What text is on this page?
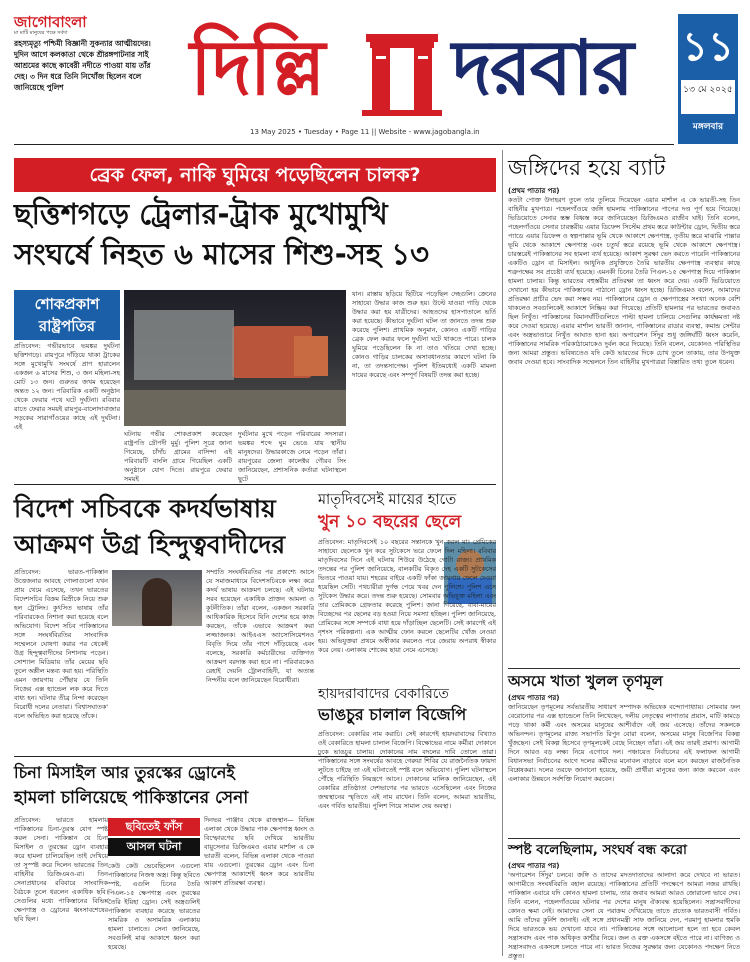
জাগোবাংলা
মা মাটি মানুষের পক্ষে সর্বদা
রহস্যমৃত্যু পশ্চিমী বিজ্ঞানী সুকন্যার আত্মীয়দের। দুদিন আগে কলকাতা থেকে শ্রীরঙ্গপাটনার সাই আশ্রমের কাছে কাবেরী নদীতে পাওয়া যায় তাঁর দেহ। ৩ দিন ধরে তিনি নিখোঁজ ছিলেন বলে জানিয়েছে পুলিশ	দিল্লি দরবার
13 May 2025 • Tuesday • Page 11 || Website - www.jagobangla.in
১১
১৩ মে ২০২৫
মঙ্গলবার
ব্রেক ফেল, নাকি ঘুমিয়ে পড়েছিলেন চালক?
ছত্তিশগড়ে ট্রেলার-ট্রাক মুখোমুখি
সংঘর্ষে নিহত ৬ মাসের শিশু-সহ ১৩
শোকপ্রকাশ রাষ্ট্রপতির
প্রতিবেদন: গভীরভাবে ভয়ঙ্কর দুর্ঘটনা ছত্তিশগড়ে। রায়পুরে দাঁড়িয়ে থাকা ট্রাকের সঙ্গে মুখোমুখি সংঘর্ষে প্রাণ হারালেন একজন ৬ মাসের শিশু, ৩ জন মহিলা-সহ মোট ১৩ জন। গুরুতর জখম হয়েছেন অন্তত ১২ জন। পরিবারিক একটি অনুষ্ঠান থেকে ফেরার পথে ঘটে দুর্ঘটনা। রবিবার রাতে ফেরার সময়ই রায়পুর-বালোদাবাজার সড়কের সারাগাঁওয়ের কাছে এই দুর্ঘটনা। এই
ঘটনায় গভীর শোকপ্রকাশ করেছেন রাষ্ট্রপতি দ্রৌপদী মুর্মু। পুলিশ সূত্রে জানা গিয়েছে, চাঁদাঁচ গ্রামের বাসিন্দা এই পরিবারটি বাংলি গ্রামে গিয়েছিল একটি অনুষ্ঠানে যোগ দিতে। রায়পুরে ফেরার সময়ই
দুর্ঘটনার মুখে পড়েন পরিবারের সদস্যরা। ভয়ঙ্কর শব্দে ঘুম ভেঙে যায় স্থানীয় মানুষদের। উদ্ধারকাজে নেমে পড়েন তাঁরা। রায়পুরের জেলা কালেক্টর গৌরব সিং জানিয়েছেন, প্রশাসনিক কর্তারা ঘটনাস্থলে ছুটে
যান। রাস্তায় ছড়িয়ে ছিটিয়ে পড়েছিল দেহগুলি। ক্রেনের সাহায্যে উদ্ধার কাজ শুরু হয়। উল্টে যাওয়া গাড়ি থেকে উদ্ধার করা হয় যাত্রীদের। আহতদের হাসপাতালে ভর্তি করা হয়েছে। কীভাবে দুর্ঘটনা ঘটল তা জানতে তদন্ত শুরু করেছে পুলিশ। প্রাথমিক অনুমান, কোনও একটি গাড়ির ব্রেক ফেল করার ফলে দুর্ঘটনা ঘটে থাকতে পারে। চালক ঘুমিয়ে পড়েছিলেন কি না তাও খতিয়ে দেখা হচ্ছে। কোনও গাড়ির চালকের অসাবধানতার কারণে ঘটনা কি না, তা তদন্তসাপেক্ষ। পুলিশ ইতিমধ্যেই একটি মামলা দায়ের করেছে এবং সম্পূর্ণ বিষয়টি তদন্ত করা হচ্ছে।
বিদেশ সচিবকে কদর্যভাষায়
আক্রমণ উগ্র হিন্দুত্ববাদীদের
প্রতিবেদন: ভারত-পাকিস্তান উত্তেজনার আবহে গোলাগুলো যখন প্রায় থেমে এসেছে, তখন ভারতের বিদেশসচিব বিক্রম মিস্রীকে নিয়ে শুরু হল ট্রোলিং। কুৎসিত ভাষায় তাঁর পরিবারকেও নিশানা করা হয়েছে বলে অভিযোগ। বিদেশ সচিব পাকিস্তানের সঙ্গে সংঘর্ষবিরতির সাংবাদিক সম্মেলনে ঘোষণা করার পর থেকেই উগ্র হিন্দুত্ববাদীদের নিশানায় পড়েন। সোশ্যাল মিডিয়ায় তাঁর মেয়ের ছবি তুলে অশ্লীল মন্তব্য করা হয়। পরিস্থিতি এমন জায়গায় পৌঁছায় যে তিনি নিজের এক্স হ্যান্ডেল লক করে দিতে বাধ্য হন। ঘটনার তীব্র নিন্দা করেছেন বিরোধী দলের নেতারা। 'বিশ্বাসঘাতক' বলে অভিহিত করা হয়েছে তাঁকে।
সম্প্রতি সংঘর্ষবিরতির পর প্রকাশ্যে আসে যে সমাজমাধ্যমে বিদেশসচিবকে লক্ষ্য করে কদর্য ভাষায় আক্রমণ চলছে। এই ঘটনায় সরব হয়েছেন একাধিক প্রাক্তন আমলা ও কূটনীতিক। তাঁরা বলেন, একজন সরকারি আধিকারিক হিসেবে যিনি দেশের হয়ে কাজ করছেন, তাঁকে এভাবে আক্রমণ করা লজ্জাজনক। আইএএস অ্যাসোসিয়েশনও বিবৃতি দিয়ে তাঁর পাশে দাঁড়িয়েছে এবং বলেছে, সরকারি কর্মচারীদের ব্যক্তিগত আক্রমণ বরদাস্ত করা হবে না। পরিবারকেও রেহাই দেয়নি ট্রোলবাহিনী, যা অত্যন্ত নিন্দনীয় বলে জানিয়েছেন বিরোধীরা।
মাতৃদিবসেই মায়ের হাতে
খুন ১০ বছরের ছেলে
প্রতিবেদন: মাতৃদিবসেই ১০ বছরের সন্তানকে খুন করল মা। প্রেমিকের সাহায্যে ছেলেকে খুন করে সুটকেসে ভরে ফেলে দিল মহিলা। রবিবার মাতৃদিবসের দিনে এই ঘটনায় শিউরে উঠেছে গোটা রাজ্য। প্রাথমিক তদন্তের পর পুলিশ জানিয়েছে, বালকটির বিকৃত দেহ একটি সুটকেসের ভিতরে পাওয়া যায়। শহরের বাইরে একটি ফাঁকা জায়গায় ফেলে দেওয়া হয়েছিল সেটি। পথচারীরা দুর্গন্ধ পেয়ে খবর দেন পুলিশে। পুলিশ এসে সুটকেস উদ্ধার করে। তদন্ত শুরু হয়েছে। সোমবার অভিযুক্ত মহিলা এবং তার প্রেমিককে গ্রেফতার করেছে পুলিশ। জানা গিয়েছে, বাবা-মায়ের বিচ্ছেদের পর ছেলের বড় হওয়া নিয়ে সমস্যা হচ্ছিল। পুলিশ জানিয়েছে, প্রেমিকের সঙ্গে সম্পর্কে বাধা হয়ে দাঁড়াচ্ছিল ছেলেটি। সেই কারণেই এই নৃশংস পরিকল্পনা। এক আত্মীয় ফোন করলে ছেলেটির খোঁজ নেওয়া হয়। অভিযুক্তরা প্রথমে অস্বীকার করলেও পরে জেরায় অপরাধ স্বীকার করে নেয়। এলাকায় শোকের ছায়া নেমে এসেছে।
হায়দরাবাদের বেকারিতে
ভাঙচুর চালাল বিজেপি
প্রতিবেদন: বেকারির নাম করাচি। সেই কারণেই হায়দরাবাদের বিখ্যাত ওই বেকারিতে হামলা চালাল বিজেপি। বিক্ষোভের নামে কর্মীরা দোকানে ঢুকে ভাঙচুর চালায়। দোকানের নাম বদলের দাবি তোলে তারা। পাকিস্তানের সঙ্গে সংঘর্ষের আবহে গেরুয়া শিবির যে রাজনৈতিক ফায়দা লুটতে চাইছে তা এই ঘটনাতেই স্পষ্ট বলে অভিযোগ। পুলিশ ঘটনাস্থলে পৌঁছে পরিস্থিতি নিয়ন্ত্রণে আনে। দোকানের মালিক জানিয়েছেন, এই বেকারির প্রতিষ্ঠাতা দেশভাগের পর ভারতে এসেছিলেন এবং নিজের জন্মস্থানের স্মৃতিতে এই নাম রাখেন। তিনি বলেন, আমরা ভারতীয়, এবং গর্বিত ভারতীয়। পুলিশ গিয়ে সামাল দেয় অবস্থা।
চিনা মিসাইল আর তুরস্কের ড্রোনেই
হামলা চালিয়েছে পাকিস্তানের সেনা
প্রতিবেদন: ভারতে হামলায় পাকিস্তানের চিনা-তুরস্ক যোগ স্পষ্ট করল সেনা। পাকিস্তান যে চিনা মিসাইল ও তুরস্কের ড্রোন ব্যবহার করে হামলা চালিয়েছিল তাই দেখিয়ে তা সুস্পষ্ট করে দিলেন ভারতের তিন বাহিনীর ডিজিএমও-রা। তিন সেনাপ্রধানের রবিবারে সাংবাদিক বৈঠকে তুলে ধরলেন একাধিক ছবি। সেগুলির মধ্যে পাকিস্তানের বিভিন্ন ক্ষেপণাস্ত্র ও ড্রোনের ধ্বংসাবশেষের ছবি ছিল।
ছবিতেই ফাঁস
আসল ঘটনা
দিনভর পাঞ্জাব থেকে রাজস্থান— বিভিন্ন এলাকা থেকে উদ্ধার পাক ক্ষেপণাস্ত্র ধ্বংস ও বিস্ফোরণের ছবি দেখিয়ে ভারতীয় বায়ুসেনার ডিজিএমও এয়ার মার্শাল এ কে ভারতী বলেন, বিভিন্ন এলাকা থেকে পাওয়া যায় এগুলো। তুরস্কের ড্রোন এবং চিনা ক্ষেপণাস্ত্র আকাশেই ধ্বংস করে ভারতীয় আকাশ প্রতিরক্ষা ব্যবস্থা।
কেউ কেউ ভেবেছিলেন এগুলো পাকিস্তানের নিজস্ব অস্ত্র। কিন্তু ছবিতে স্পষ্ট, এগুলি চিনের তৈরি পিএল-১৫ ক্ষেপণাস্ত্র এবং তুরস্কের তৈরি ইয়িহা ড্রোন। সেই অস্ত্রগুলিই পাকিস্তান ব্যবহার করেছে ভারতের সামরিক ও অসামরিক এলাকায় হামলা চালাতে। সেনা জানিয়েছে, সবগুলিই মাঝ আকাশে ধ্বংস করা হয়েছে।
জঙ্গিদের হয়ে ব্যাট
(প্রথম পাতার পর)
কতটা পোক্ত উদাহরণ তুলে তার তুলিয়ে দিয়েছেন এয়ার মার্শাল এ কে ভারতী-সহ তিন বাহিনীর মুখপাত্র। পহেলগাঁওয়ে জঙ্গি হামলায় পাকিস্তানের পাপের দণ্ড পূর্ণ হয়ে গিয়েছে। ভিডিয়োতে সেনার স্তম্ভ বিধ্বস্ত করে জানিয়েছেন ডিজিএমও রাজীব ঘাই। তিনি বলেন, পহেলগাঁওয়ে সেনার চারস্তরীয় এয়ার ডিফেন্স সিস্টেম প্রথম স্তরে কাউন্টার ড্রোন, দ্বিতীয় স্তরে প্যাডে এয়ার ডিফেন্স ও স্বল্পপাল্লার ভূমি থেকে আকাশে ক্ষেপণাস্ত্র, তৃতীয় স্তরে মাঝারি পাল্লার ভূমি থেকে আকাশে ক্ষেপণাস্ত্র এবং চতুর্থ স্তরে রয়েছে ভূমি থেকে আকাশে ক্ষেপণাস্ত্র। চারস্তরেই পাকিস্তানের সব হামলা ব্যর্থ হয়েছে। আকাশ সুরক্ষা ভেদ করতে পারেনি পাকিস্তানের একটিও ড্রোন বা মিসাইল। আধুনিক প্রযুক্তিতে তৈরি ভারতীয় ক্ষেপণাস্ত্র ব্যবস্থার কাছে শত্রুপক্ষের সব প্রচেষ্টা ব্যর্থ হয়েছে। এমনকী চিনের তৈরি পিএল-১৫ ক্ষেপণাস্ত্র দিয়ে পাকিস্তান হামলা চালায়। কিন্তু ভারতের বহুস্তরীয় প্রতিরক্ষা তা ধ্বংস করে দেয়। একটি ভিডিয়োতে দেখানো হয় কীভাবে পাকিস্তানের পাঠানো ড্রোন ধ্বংস হচ্ছে। ডিজিএমও বলেন, আমাদের প্রতিরক্ষা প্রাচীর ভেদ করা সম্ভব নয়। পাকিস্তানের ড্রোন ও ক্ষেপণাস্ত্রের সংখ্যা অনেক বেশি থাকলেও সবগুলিকেই আকাশে নিষ্ক্রিয় করা গিয়েছে। প্রতিটি হামলার পর ভারতের জবাবও ছিল নিখুঁত। পাকিস্তানের বিমানঘাঁটিগুলিতে পাল্টা হামলা চালিয়ে সেগুলির কার্যক্ষমতা নষ্ট করে দেওয়া হয়েছে। এয়ার মার্শাল ভারতী জানান, পাকিস্তানের রাডার ব্যবস্থা, কমান্ড সেন্টার এবং অস্ত্রভাণ্ডারে নিখুঁত আঘাত হানা হয়। অপারেশন সিঁদুর শুধু জঙ্গিঘাঁটি ধ্বংস করেনি, পাকিস্তানের সামরিক পরিকাঠামোকেও দুর্বল করে দিয়েছে। তিনি বলেন, যেকোনও পরিস্থিতির জন্য আমরা প্রস্তুত। ভবিষ্যতেও যদি কেউ ভারতের দিকে চোখ তুলে তাকায়, তার উপযুক্ত জবাব দেওয়া হবে। সাংবাদিক সম্মেলনে তিন বাহিনীর মুখপাত্ররা বিস্তারিত তথ্য তুলে ধরেন।
অসমে খাতা খুলল তৃণমূল
(প্রথম পাতার পর)
জানিয়েছেন তৃণমূলের সর্বভারতীয় সাধারণ সম্পাদক অভিষেক বন্দ্যোপাধ্যায়। সোমবার ফল বেরোনোর পর এক্স হ্যান্ডেলে তিনি লিখেছেন, দলীয় নেতৃত্বের লাগাতার প্রয়াস, মাটি কামড়ে পড়ে থাকা কর্মী এবং অসমের মানুষের আশীর্বাদে এই জয় এসেছে। তাঁদের সকলকে অভিনন্দন। তৃণমূলের রাজ্য সভাপতি রিপুন বোরা বলেন, অসমের মানুষ বিজেপির বিকল্প খুঁজছেন। সেই বিকল্প হিসেবে তৃণমূলকেই বেছে নিচ্ছেন তাঁরা। এই জয় তারই প্রমাণ। আগামী দিনে আরও বড় লক্ষ্য নিয়ে এগোবে দল। পঞ্চায়েত নির্বাচনের এই ফলাফল আগামী বিধানসভা নির্বাচনের আগে দলের কর্মীদের মনোবল বাড়াবে বলে মনে করছেন রাজনৈতিক বিশ্লেষকরা। দলের তরফে জানানো হয়েছে, জয়ী প্রার্থীরা মানুষের জন্য কাজ করবেন এবং এলাকার উন্নয়নে সর্বশক্তি নিয়োগ করবেন।
স্পষ্ট বলেছিলাম, সংঘর্ষ বন্ধ করো
(প্রথম পাতার পর)
'অপারেশন সিঁদুর' চলবে। জঙ্গি ও তাদের মদতদাতাদের আলাদা করে দেখবে না ভারত। আগামীতে সংঘর্ষবিরতি বহাল রয়েছে। পাকিস্তানের প্রতিটি পদক্ষেপে আমরা নজর রাখছি। পাকিস্তান এবারে যদি কোনও হামলা চালায়, তার জবাব আমরা আরও জোরালো ভাবে দেব। তিনি বলেন, পহেলগাঁওয়ের ঘটনার পর দেশের মানুষ ঐক্যবদ্ধ হয়েছিলেন। সন্ত্রাসবাদীদের কোনও ক্ষমা নেই। আমাদের সেনা যে পরাক্রম দেখিয়েছে তাতে প্রত্যেক ভারতবাসী গর্বিত। আমি তাঁদের কুর্নিশ জানাই। এই সঙ্গে প্রধানমন্ত্রী সাফ জানিয়ে দেন, পরমাণু হামলার হুমকি দিয়ে ভারতকে ভয় দেখানো যাবে না। পাকিস্তানের সঙ্গে আলোচনা হলে তা হবে কেবল সন্ত্রাসবাদ এবং পাক অধিকৃত কাশ্মীর নিয়ে। জল ও রক্ত একসঙ্গে বইতে পারে না। বাণিজ্য ও সন্ত্রাসবাদও একসঙ্গে চলতে পারে না। ভারত নিজের সুরক্ষার জন্য যেকোনও পদক্ষেপ নিতে প্রস্তুত।
